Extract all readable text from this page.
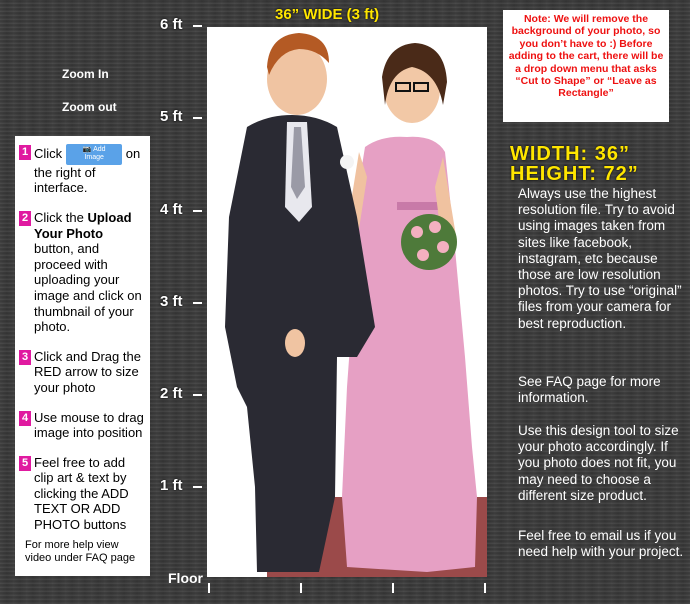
6 ft
5 ft
4 ft
3 ft
2 ft
1 ft
Floor
Zoom In
Zoom out
36” WIDE (3 ft)	Note: We will remove the background of your photo, so you don’t have to :) Before adding to the cart, there will be a drop down menu that asks “Cut to Shape” or “Leave as Rectangle”
WIDTH: 36”
HEIGHT: 72”
Always use the highest resolution file. Try to avoid using images taken from sites like facebook, instagram, etc because those are low resolution photos. Try to use “original” files from your camera for best reproduction.
See FAQ page for more information.
Use this design tool to size your photo accordingly. If you photo does not fit, you may need to choose a different size product.
Feel free to email us if you need help with your project.
1 Click	📷 Add Image on the right of interface.
2 Click the Upload Your Photo button, and proceed with uploading your image and click on thumbnail of your photo.
3 Click and Drag the RED arrow to size your photo
4 Use mouse to drag image into position
5 Feel free to add clip art & text by clicking the ADD TEXT OR ADD PHOTO buttons
For more help view video under FAQ page
